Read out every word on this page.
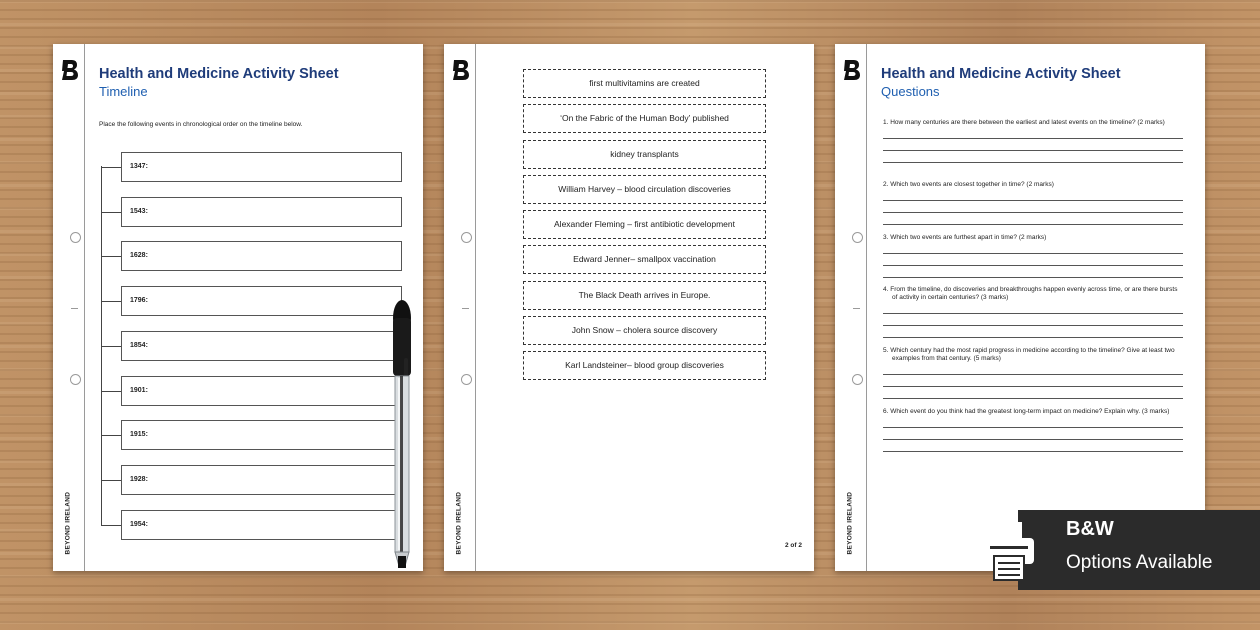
BEYOND IRELAND
Health and Medicine Activity Sheet
Timeline
Place the following events in chronological order on the timeline below.
1347:
1543:
1628:
1796:
1854:
1901:
1915:
1928:
1954:	BEYOND IRELAND
first multivitamins are created
‘On the Fabric of the Human Body’ published
kidney transplants
William Harvey – blood circulation discoveries
Alexander Fleming – first antibiotic development
Edward Jenner– smallpox vaccination
The Black Death arrives in Europe.
John Snow – cholera source discovery
Karl Landsteiner– blood group discoveries
2 of 2	BEYOND IRELAND
Health and Medicine Activity Sheet
Questions
1. How many centuries are there between the earliest and latest events on the timeline? (2 marks)
2. Which two events are closest together in time? (2 marks)
3. Which two events are furthest apart in time? (2 marks)
4. From the timeline, do discoveries and breakthroughs happen evenly across time, or are there bursts of activity in certain centuries? (3 marks)
5. Which century had the most rapid progress in medicine according to the timeline? Give at least two examples from that century. (5 marks)
6. Which event do you think had the greatest long-term impact on medicine? Explain why. (3 marks)
B&W
Options Available
